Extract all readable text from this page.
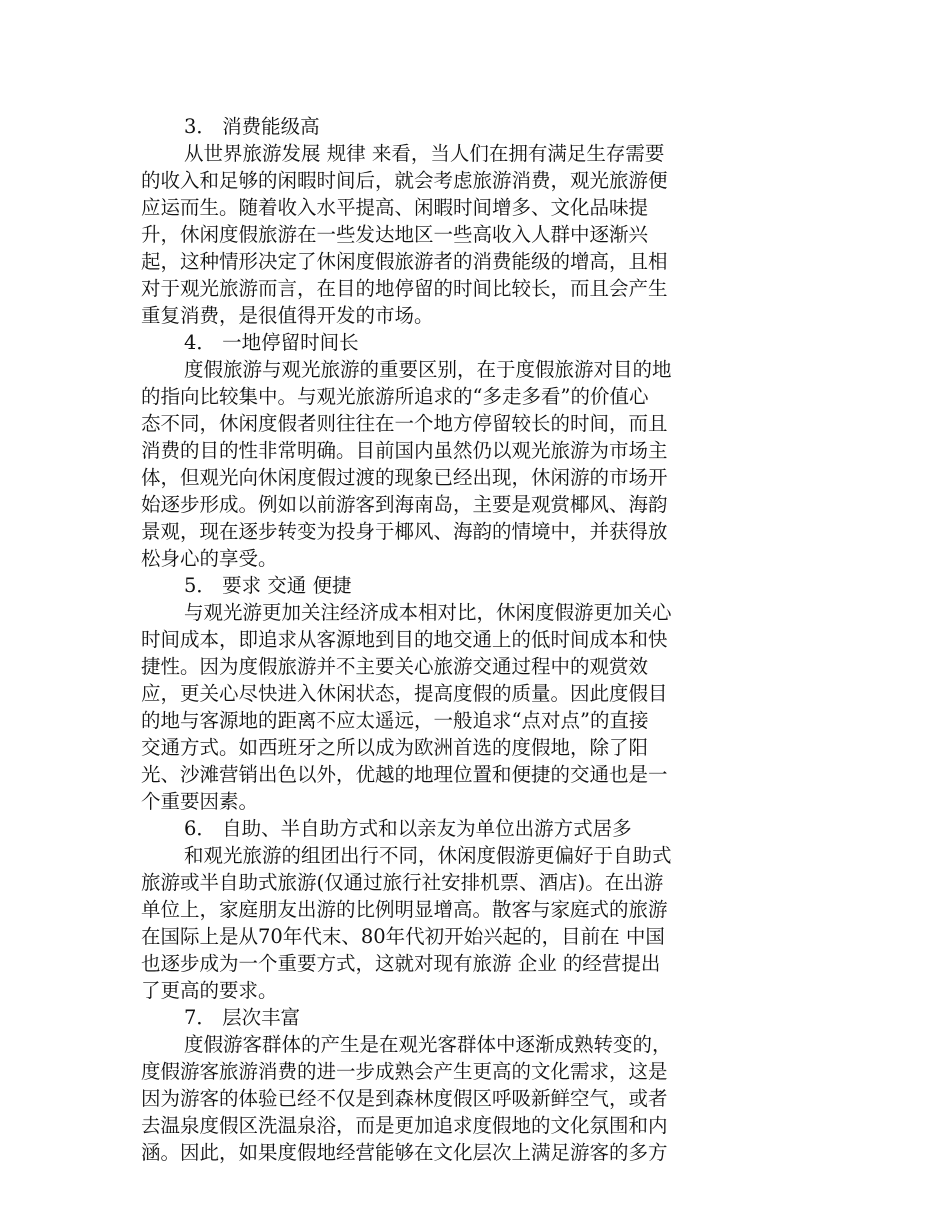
3． 消费能级高
从世界旅游发展 规律 来看，当人们在拥有满足生存需要
的收入和足够的闲暇时间后，就会考虑旅游消费，观光旅游便
应运而生。随着收入水平提高、闲暇时间增多、文化品味提
升，休闲度假旅游在一些发达地区一些高收入人群中逐渐兴
起，这种情形决定了休闲度假旅游者的消费能级的增高，且相
对于观光旅游而言，在目的地停留的时间比较长，而且会产生
重复消费，是很值得开发的市场。
4． 一地停留时间长
度假旅游与观光旅游的重要区别，在于度假旅游对目的地
的指向比较集中。与观光旅游所追求的“多走多看”的价值心
态不同，休闲度假者则往往在一个地方停留较长的时间，而且
消费的目的性非常明确。目前国内虽然仍以观光旅游为市场主
体，但观光向休闲度假过渡的现象已经出现，休闲游的市场开
始逐步形成。例如以前游客到海南岛，主要是观赏椰风、海韵
景观，现在逐步转变为投身于椰风、海韵的情境中，并获得放
松身心的享受。
5． 要求 交通 便捷
与观光游更加关注经济成本相对比，休闲度假游更加关心
时间成本，即追求从客源地到目的地交通上的低时间成本和快
捷性。因为度假旅游并不主要关心旅游交通过程中的观赏效
应，更关心尽快进入休闲状态，提高度假的质量。因此度假目
的地与客源地的距离不应太遥远，一般追求“点对点”的直接
交通方式。如西班牙之所以成为欧洲首选的度假地，除了阳
光、沙滩营销出色以外，优越的地理位置和便捷的交通也是一
个重要因素。
6． 自助、半自助方式和以亲友为单位出游方式居多
和观光旅游的组团出行不同，休闲度假游更偏好于自助式
旅游或半自助式旅游(仅通过旅行社安排机票、酒店)。在出游
单位上，家庭朋友出游的比例明显增高。散客与家庭式的旅游
在国际上是从70年代末、80年代初开始兴起的，目前在 中国
也逐步成为一个重要方式，这就对现有旅游 企业 的经营提出
了更高的要求。
7． 层次丰富
度假游客群体的产生是在观光客群体中逐渐成熟转变的，
度假游客旅游消费的进一步成熟会产生更高的文化需求，这是
因为游客的体验已经不仅是到森林度假区呼吸新鲜空气，或者
去温泉度假区洗温泉浴，而是更加追求度假地的文化氛围和内
涵。因此，如果度假地经营能够在文化层次上满足游客的多方
